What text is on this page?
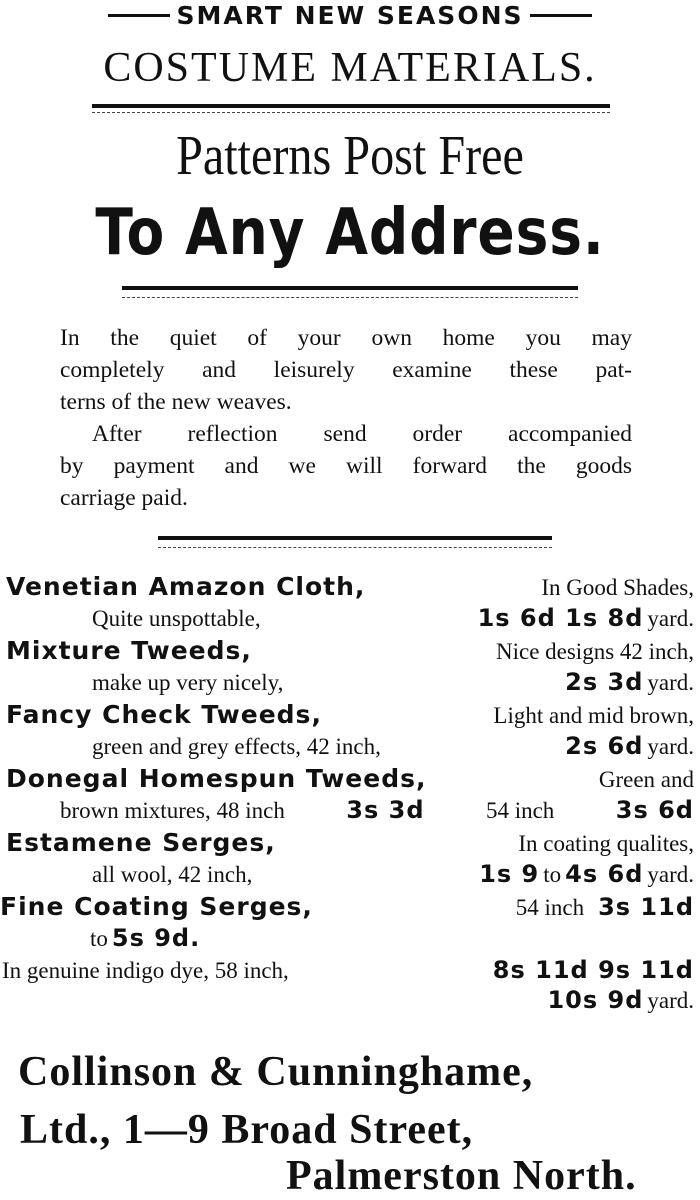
SMART NEW SEASONS
COSTUME MATERIALS.
Patterns Post Free
To Any Address.
In the quiet of your own home you may
completely and leisurely examine these pat-
terns of the new weaves.
After reflection send order accompanied
by payment and we will forward the goods
carriage paid.
Venetian Amazon Cloth,	In Good Shades,
Quite unspottable,	1s 6d 1s 8d yard.
Mixture Tweeds,	Nice designs 42 inch,
make up very nicely,	2s 3d yard.
Fancy Check Tweeds,	Light and mid brown,
green and grey effects, 42 inch,	2s 6d yard.
Donegal Homespun Tweeds,	Green and
brown mixtures, 48 inch	3s 3d	54 inch	3s 6d
Estamene Serges,	In coating qualites,
all wool, 42 inch,	1s 9 to 4s 6d yard.
Fine Coating Serges,	54 inch 3s 11d
to 5s 9d.
In genuine indigo dye, 58 inch,	8s 11d 9s 11d
10s 9d yard.
Collinson & Cunninghame,
Ltd., 1—9 Broad Street,
Palmerston North.
